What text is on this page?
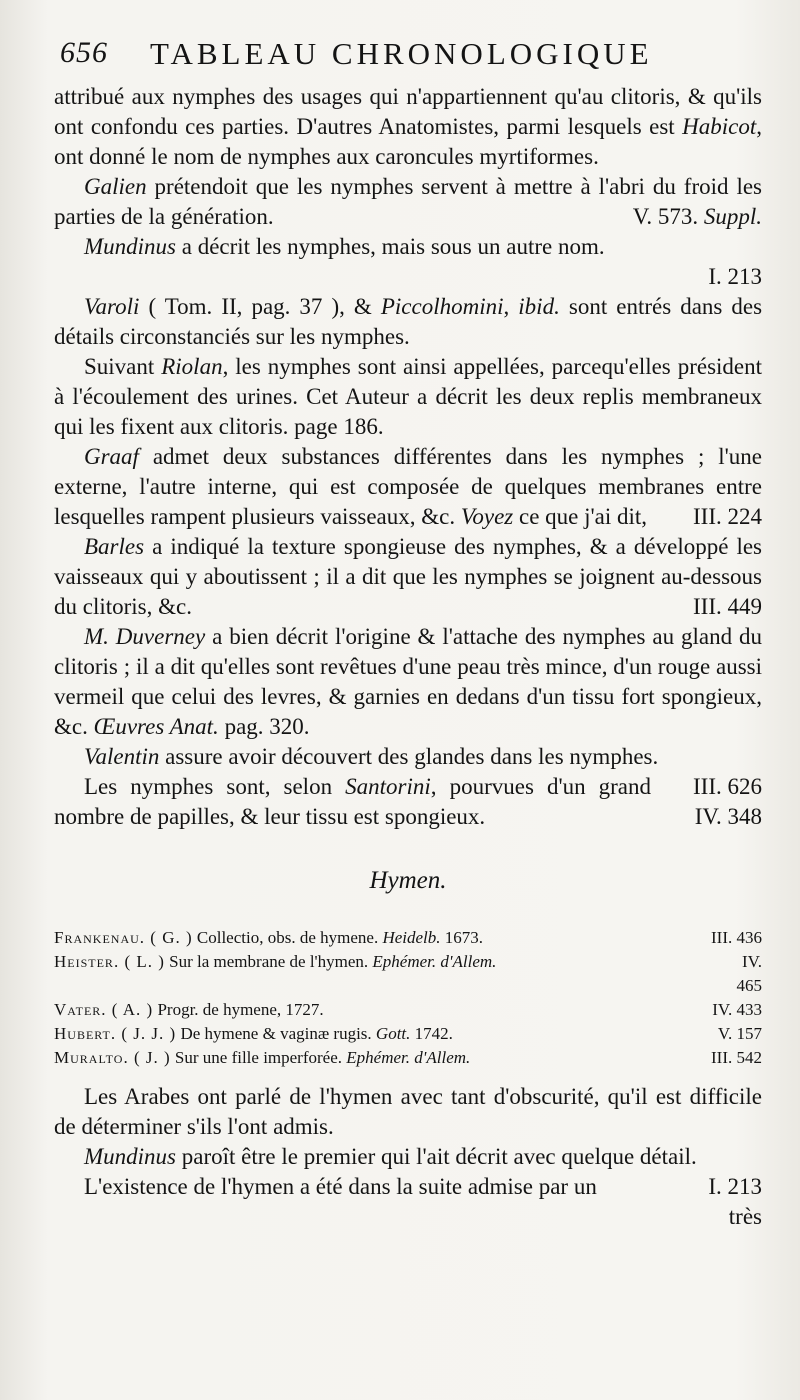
656 TABLEAU CHRONOLOGIQUE

attribué aux nymphes des usages qui n'appartiennent qu'au clitoris, & qu'ils ont confondu ces parties. D'autres Anatomistes, parmi lesquels est Habicot, ont donné le nom de nymphes aux caroncules myrtiformes.

Galien prétendoit que les nymphes servent à mettre à l'abri du froid les parties de la génération.	V. 573. Suppl.

Mundinus a décrit les nymphes, mais sous un autre nom.
I. 213

Varoli ( Tom. II, pag. 37 ), & Piccolhomini, ibid. sont entrés dans des détails circonstanciés sur les nymphes.

Suivant Riolan, les nymphes sont ainsi appellées, parcequ'elles président à l'écoulement des urines. Cet Auteur a décrit les deux replis membraneux qui les fixent aux clitoris. page 186.

Graaf admet deux substances différentes dans les nymphes ; l'une externe, l'autre interne, qui est composée de quelques membranes entre lesquelles rampent plusieurs vaisseaux, &c. Voyez ce que j'ai dit,	III. 224

Barles a indiqué la texture spongieuse des nymphes, & a développé les vaisseaux qui y aboutissent ; il a dit que les nymphes se joignent au-dessous du clitoris, &c.	III. 449

M. Duverney a bien décrit l'origine & l'attache des nymphes au gland du clitoris ; il a dit qu'elles sont revêtues d'une peau très mince, d'un rouge aussi vermeil que celui des levres, & garnies en dedans d'un tissu fort spongieux, &c. Œuvres Anat. pag. 320.

Valentin assure avoir découvert des glandes dans les nymphes.
III. 626

Les nymphes sont, selon Santorini, pourvues d'un grand nombre de papilles, & leur tissu est spongieux.	IV. 348

Hymen.
Frankenau. ( G. ) Collectio, obs. de hymene. Heidelb. 1673.	III. 436
Heister. ( L. ) Sur la membrane de l'hymen. Ephémer. d'Allem.	IV.
465
Vater. ( A. ) Progr. de hymene, 1727.	IV. 433
Hubert. ( J. J. ) De hymene & vaginæ rugis. Gott. 1742.	V. 157
Muralto. ( J. ) Sur une fille imperforée. Ephémer. d'Allem.	III. 542

Les Arabes ont parlé de l'hymen avec tant d'obscurité, qu'il est difficile de déterminer s'ils l'ont admis.

Mundinus paroît être le premier qui l'ait décrit avec quelque détail.
I. 213

L'existence de l'hymen a été dans la suite admise par un
très
